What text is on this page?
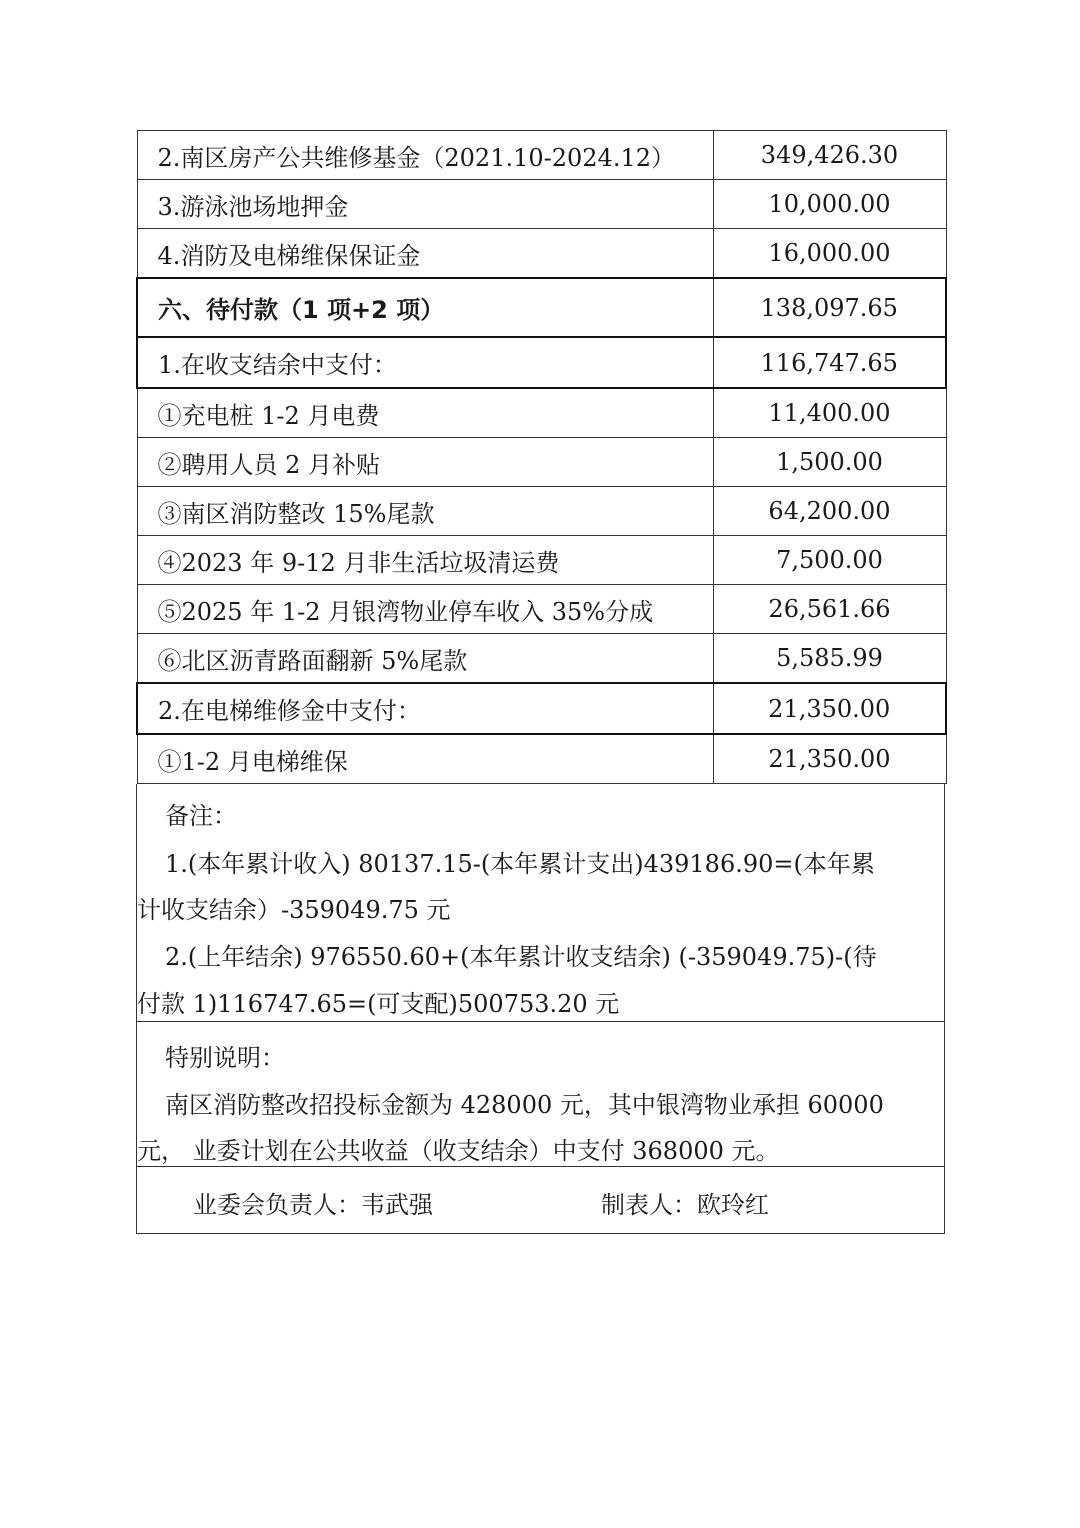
2.南区房产公共维修基金（2021.10-2024.12）	349,426.30
3.游泳池场地押金	10,000.00
4.消防及电梯维保保证金	16,000.00
六、待付款（1 项+2 项）	138,097.65
1.在收支结余中支付：	116,747.65
①充电桩 1-2 月电费	11,400.00
②聘用人员 2 月补贴	1,500.00
③南区消防整改 15%尾款	64,200.00
④2023 年 9-12 月非生活垃圾清运费	7,500.00
⑤2025 年 1-2 月银湾物业停车收入 35%分成	26,561.66
⑥北区沥青路面翻新 5%尾款	5,585.99
2.在电梯维修金中支付：	21,350.00
①1-2 月电梯维保	21,350.00
备注：
1.(本年累计收入) 80137.15-(本年累计支出)439186.90=(本年累
计收支结余）-359049.75 元
2.(上年结余) 976550.60+(本年累计收支结余) (-359049.75)-(待
付款 1)116747.65=(可支配)500753.20 元
特别说明：
南区消防整改招投标金额为 428000 元，其中银湾物业承担 60000
元， 业委计划在公共收益（收支结余）中支付 368000 元。
业委会负责人：韦武强	制表人：欧玲红
